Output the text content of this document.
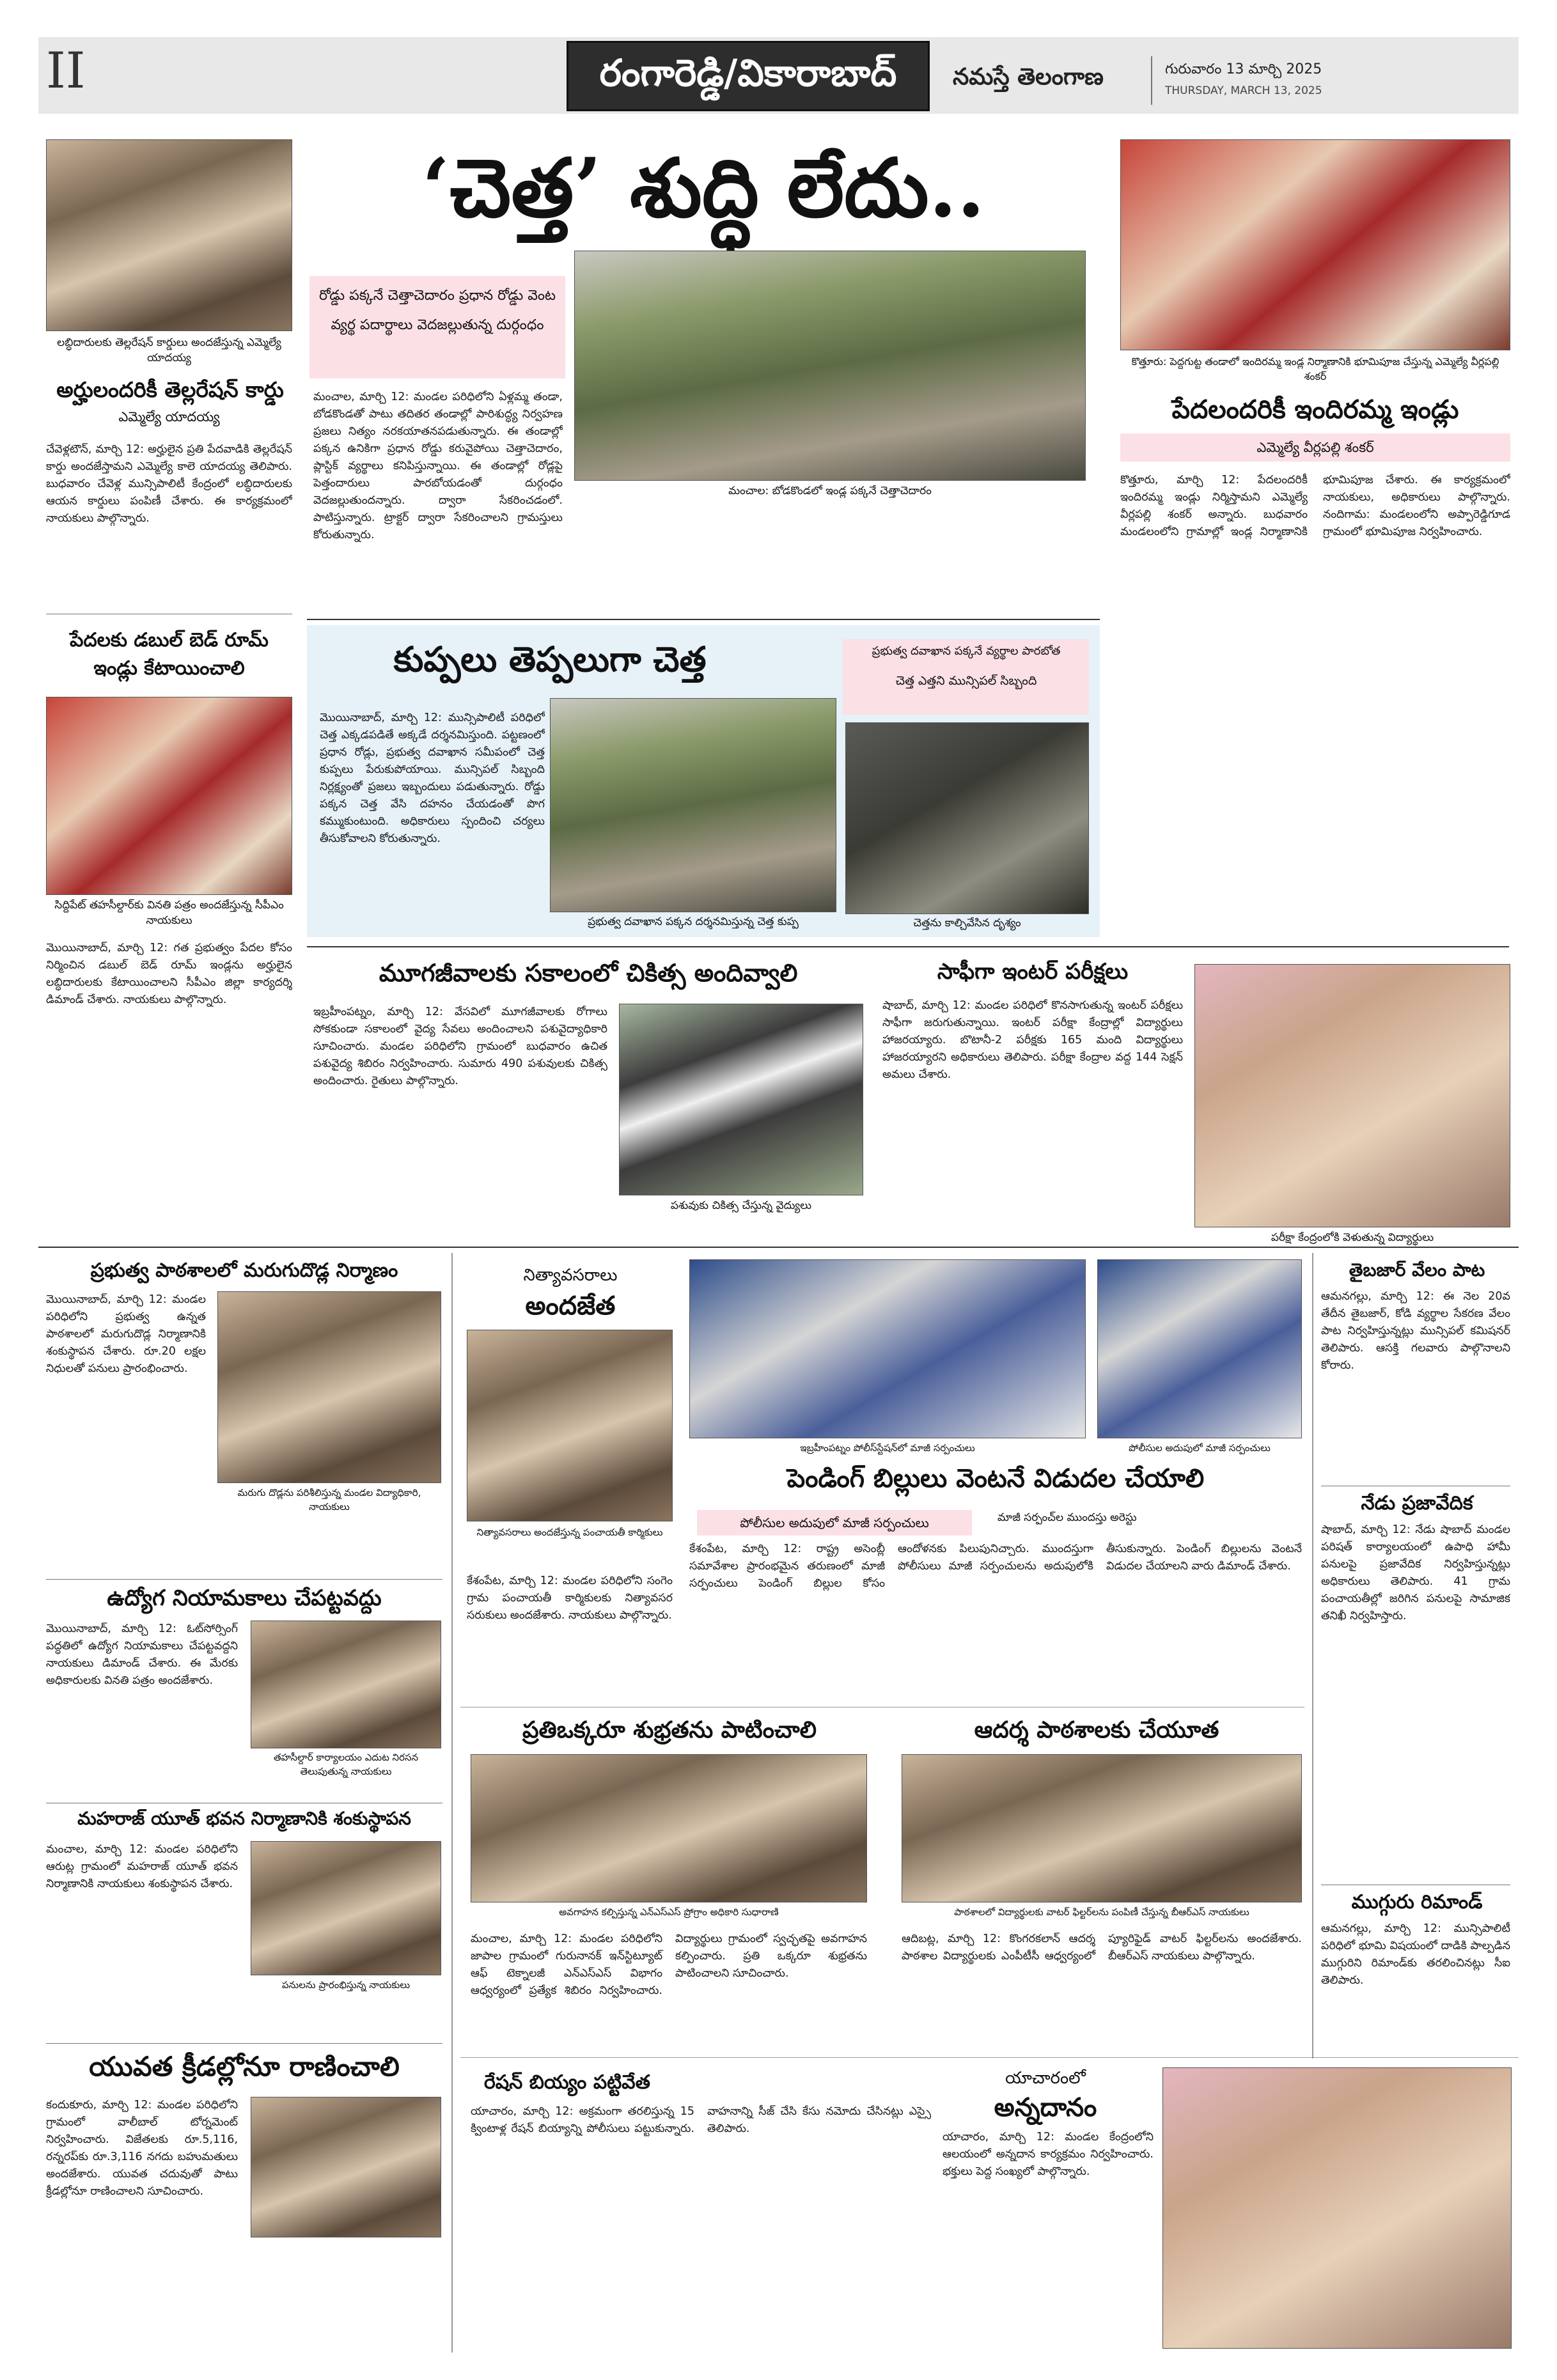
II	రంగారెడ్డి/వికారాబాద్	నమస్తే తెలంగాణ	గురువారం 13 మార్చి 2025
THURSDAY, MARCH 13, 2025
లబ్ధిదారులకు తెల్లరేషన్ కార్డులు అందజేస్తున్న ఎమ్మెల్యే యాదయ్య
అర్హులందరికీ తెల్లరేషన్ కార్డు
ఎమ్మెల్యే యాదయ్య
చేవెళ్లటౌన్, మార్చి 12: అర్హులైన ప్రతి పేదవాడికి తెల్లరేషన్ కార్డు అందజేస్తామని ఎమ్మెల్యే కాలె యాదయ్య తెలిపారు. బుధవారం చేవెళ్ల మున్సిపాలిటీ కేంద్రంలో లబ్ధిదారులకు ఆయన కార్డులు పంపిణీ చేశారు. ఈ కార్యక్రమంలో నాయకులు పాల్గొన్నారు.
పేదలకు డబుల్ బెడ్ రూమ్ ఇండ్లు కేటాయించాలి
సిద్దిపేట్ తహసీల్దార్‌కు వినతి పత్రం అందజేస్తున్న సీపీఎం నాయకులు
మొయినాబాద్, మార్చి 12: గత ప్రభుత్వం పేదల కోసం నిర్మించిన డబుల్ బెడ్ రూమ్ ఇండ్లను అర్హులైన లబ్ధిదారులకు కేటాయించాలని సీపీఎం జిల్లా కార్యదర్శి డిమాండ్ చేశారు. నాయకులు పాల్గొన్నారు.
‘చెత్త’ శుద్ధి లేదు..
రోడ్డు పక్కనే చెత్తాచెదారం ప్రధాన రోడ్డు వెంట వ్యర్థ పదార్థాలు వెదజల్లుతున్న దుర్గంధం
మంచాల: బోడకొండలో ఇండ్ల పక్కనే చెత్తాచెదారం
మంచాల, మార్చి 12: మండల పరిధిలోని ఏళ్లమ్మ తండా, బోడకొండతో పాటు తదితర తండాల్లో పారిశుద్ధ్య నిర్వహణ ప్రజలు నిత్యం నరకయాతనపడుతున్నారు. ఈ తండాల్లో పక్కన ఉనికిగా ప్రధాన రోడ్డు కరువైపోయి చెత్తాచెదారం, ప్లాస్టిక్ వ్యర్థాలు కనిపిస్తున్నాయి. ఈ తండాల్లో రోడ్లపై పెత్తందారులు పారబోయడంతో దుర్గంధం వెదజల్లుతుందన్నారు. ద్వారా సేకరించడంలో. పాటిస్తున్నారు. ట్రాక్టర్ ద్వారా సేకరించాలని గ్రామస్తులు కోరుతున్నారు.
కుప్పలు తెప్పలుగా చెత్త	ప్రభుత్వ దవాఖాన పక్కనే వ్యర్థాల పారబోత
చెత్త ఎత్తని మున్సిపల్ సిబ్బంది
మొయినాబాద్, మార్చి 12: మున్సిపాలిటీ పరిధిలో చెత్త ఎక్కడపడితే అక్కడే దర్శనమిస్తుంది. పట్టణంలో ప్రధాన రోడ్లు, ప్రభుత్వ దవాఖాన సమీపంలో చెత్త కుప్పలు పేరుకుపోయాయి. మున్సిపల్ సిబ్బంది నిర్లక్ష్యంతో ప్రజలు ఇబ్బందులు పడుతున్నారు. రోడ్డు పక్కన చెత్త వేసి దహనం చేయడంతో పొగ కమ్ముకుంటుంది. అధికారులు స్పందించి చర్యలు తీసుకోవాలని కోరుతున్నారు.
ప్రభుత్వ దవాఖాన పక్కన దర్శనమిస్తున్న చెత్త కుప్ప	చెత్తను కాల్చివేసిన దృశ్యం
కొత్తూరు: పెద్దగుట్ట తండాలో ఇందిరమ్మ ఇండ్ల నిర్మాణానికి భూమిపూజ చేస్తున్న ఎమ్మెల్యే వీర్లపల్లి శంకర్
పేదలందరికీ ఇందిరమ్మ ఇండ్లు
ఎమ్మెల్యే వీర్లపల్లి శంకర్
కొత్తూరు, మార్చి 12: పేదలందరికీ ఇందిరమ్మ ఇండ్లు నిర్మిస్తామని ఎమ్మెల్యే వీర్లపల్లి శంకర్ అన్నారు. బుధవారం మండలంలోని గ్రామాల్లో ఇండ్ల నిర్మాణానికి భూమిపూజ చేశారు. ఈ కార్యక్రమంలో నాయకులు, అధికారులు పాల్గొన్నారు. నందిగామ: మండలంలోని అప్పారెడ్డిగూడ గ్రామంలో భూమిపూజ నిర్వహించారు.
మూగజీవాలకు సకాలంలో చికిత్స అందివ్వాలి
ఇబ్రహీంపట్నం, మార్చి 12: వేసవిలో మూగజీవాలకు రోగాలు సోకకుండా సకాలంలో వైద్య సేవలు అందించాలని పశువైద్యాధికారి సూచించారు. మండల పరిధిలోని గ్రామంలో బుధవారం ఉచిత పశువైద్య శిబిరం నిర్వహించారు. సుమారు 490 పశువులకు చికిత్స అందించారు. రైతులు పాల్గొన్నారు.
పశువుకు చికిత్స చేస్తున్న వైద్యులు
సాఫీగా ఇంటర్ పరీక్షలు
షాబాద్, మార్చి 12: మండల పరిధిలో కొనసాగుతున్న ఇంటర్ పరీక్షలు సాఫీగా జరుగుతున్నాయి. ఇంటర్ పరీక్షా కేంద్రాల్లో విద్యార్థులు హాజరయ్యారు. బొటానీ-2 పరీక్షకు 165 మంది విద్యార్థులు హాజరయ్యారని అధికారులు తెలిపారు. పరీక్షా కేంద్రాల వద్ద 144 సెక్షన్ అమలు చేశారు.
పరీక్షా కేంద్రంలోకి వెళుతున్న విద్యార్థులు
ప్రభుత్వ పాఠశాలలో మరుగుదొడ్ల నిర్మాణం
మొయినాబాద్, మార్చి 12: మండల పరిధిలోని ప్రభుత్వ ఉన్నత పాఠశాలలో మరుగుదొడ్ల నిర్మాణానికి శంకుస్థాపన చేశారు. రూ.20 లక్షల నిధులతో పనులు ప్రారంభించారు.
మరుగు దొడ్లను పరిశీలిస్తున్న మండల విద్యాధికారి, నాయకులు
ఉద్యోగ నియామకాలు చేపట్టవద్దు
మొయినాబాద్, మార్చి 12: ఓట్‌సోర్సింగ్ పద్ధతిలో ఉద్యోగ నియామకాలు చేపట్టవద్దని నాయకులు డిమాండ్ చేశారు. ఈ మేరకు అధికారులకు వినతి పత్రం అందజేశారు.
తహసీల్దార్ కార్యాలయం ఎదుట నిరసన తెలుపుతున్న నాయకులు
మహరాజ్ యూత్ భవన నిర్మాణానికి శంకుస్థాపన
మంచాల, మార్చి 12: మండల పరిధిలోని ఆరుట్ల గ్రామంలో మహరాజ్ యూత్ భవన నిర్మాణానికి నాయకులు శంకుస్థాపన చేశారు.
పనులను ప్రారంభిస్తున్న నాయకులు
యువత క్రీడల్లోనూ రాణించాలి
కందుకూరు, మార్చి 12: మండల పరిధిలోని గ్రామంలో వాలీబాల్ టోర్నమెంట్ నిర్వహించారు. విజేతలకు రూ.5,116, రన్నరప్‌కు రూ.3,116 నగదు బహుమతులు అందజేశారు. యువత చదువుతో పాటు క్రీడల్లోనూ రాణించాలని సూచించారు.
నిత్యావసరాలు
అందజేత
నిత్యావసరాలు అందజేస్తున్న పంచాయతీ కార్మికులు
కేశంపేట, మార్చి 12: మండల పరిధిలోని సంగెం గ్రామ పంచాయతీ కార్మికులకు నిత్యావసర సరుకులు అందజేశారు. నాయకులు పాల్గొన్నారు.
ఇబ్రహీంపట్నం పోలీస్‌స్టేషన్‌లో మాజీ సర్పంచులు	పోలీసుల అదుపులో మాజీ సర్పంచులు
పెండింగ్ బిల్లులు వెంటనే విడుదల చేయాలి
పోలీసుల అదుపులో మాజీ సర్పంచులు	మాజీ సర్పంచ్‌ల ముందస్తు అరెస్టు
కేశంపేట, మార్చి 12: రాష్ట్ర అసెంబ్లీ సమావేశాల ప్రారంభమైన తరుణంలో మాజీ సర్పంచులు పెండింగ్ బిల్లుల కోసం ఆందోళనకు పిలుపునిచ్చారు. ముందస్తుగా పోలీసులు మాజీ సర్పంచులను అదుపులోకి తీసుకున్నారు. పెండింగ్ బిల్లులను వెంటనే విడుదల చేయాలని వారు డిమాండ్ చేశారు.
తైబజార్ వేలం పాట
ఆమనగల్లు, మార్చి 12: ఈ నెల 20వ తేదీన తైబజార్, కోడి వ్యర్థాల సేకరణ వేలం పాట నిర్వహిస్తున్నట్లు మున్సిపల్ కమిషనర్ తెలిపారు. ఆసక్తి గలవారు పాల్గొనాలని కోరారు.
నేడు ప్రజావేదిక
షాబాద్, మార్చి 12: నేడు షాబాద్ మండల పరిషత్ కార్యాలయంలో ఉపాధి హామీ పనులపై ప్రజావేదిక నిర్వహిస్తున్నట్లు అధికారులు తెలిపారు. 41 గ్రామ పంచాయతీల్లో జరిగిన పనులపై సామాజిక తనిఖీ నిర్వహిస్తారు.
ముగ్గురు రిమాండ్
ఆమనగల్లు, మార్చి 12: మున్సిపాలిటీ పరిధిలో భూమి విషయంలో దాడికి పాల్పడిన ముగ్గురిని రిమాండ్‌కు తరలించినట్లు సీఐ తెలిపారు.
ప్రతిఒక్కరూ శుభ్రతను పాటించాలి
అవగాహన కల్పిస్తున్న ఎన్‌ఎస్‌ఎస్ ప్రోగ్రాం అధికారి సుధారాణి
ఆదర్శ పాఠశాలకు చేయూత
పాఠశాలలో విద్యార్థులకు వాటర్ ఫిల్టర్‌లను పంపిణీ చేస్తున్న బీఆర్‌ఎస్ నాయకులు
మంచాల, మార్చి 12: మండల పరిధిలోని జాపాల గ్రామంలో గురునానక్ ఇన్‌స్టిట్యూట్ ఆఫ్ టెక్నాలజీ ఎన్‌ఎస్‌ఎస్ విభాగం ఆధ్వర్యంలో ప్రత్యేక శిబిరం నిర్వహించారు. విద్యార్థులు గ్రామంలో స్వచ్ఛతపై అవగాహన కల్పించారు. ప్రతి ఒక్కరూ శుభ్రతను పాటించాలని సూచించారు.
ఆదిబట్ల, మార్చి 12: కొంగరకలాన్ ఆదర్శ పాఠశాల విద్యార్థులకు ఎంపీటీసీ ఆధ్వర్యంలో ప్యూరిఫైడ్ వాటర్ ఫిల్టర్‌లను అందజేశారు. బీఆర్‌ఎస్ నాయకులు పాల్గొన్నారు.
రేషన్ బియ్యం పట్టివేత
యాచారం, మార్చి 12: అక్రమంగా తరలిస్తున్న 15 క్వింటాళ్ల రేషన్ బియ్యాన్ని పోలీసులు పట్టుకున్నారు. వాహనాన్ని సీజ్ చేసి కేసు నమోదు చేసినట్లు ఎస్సై తెలిపారు.
యాచారంలో
అన్నదానం
యాచారం, మార్చి 12: మండల కేంద్రంలోని ఆలయంలో అన్నదాన కార్యక్రమం నిర్వహించారు. భక్తులు పెద్ద సంఖ్యలో పాల్గొన్నారు.
